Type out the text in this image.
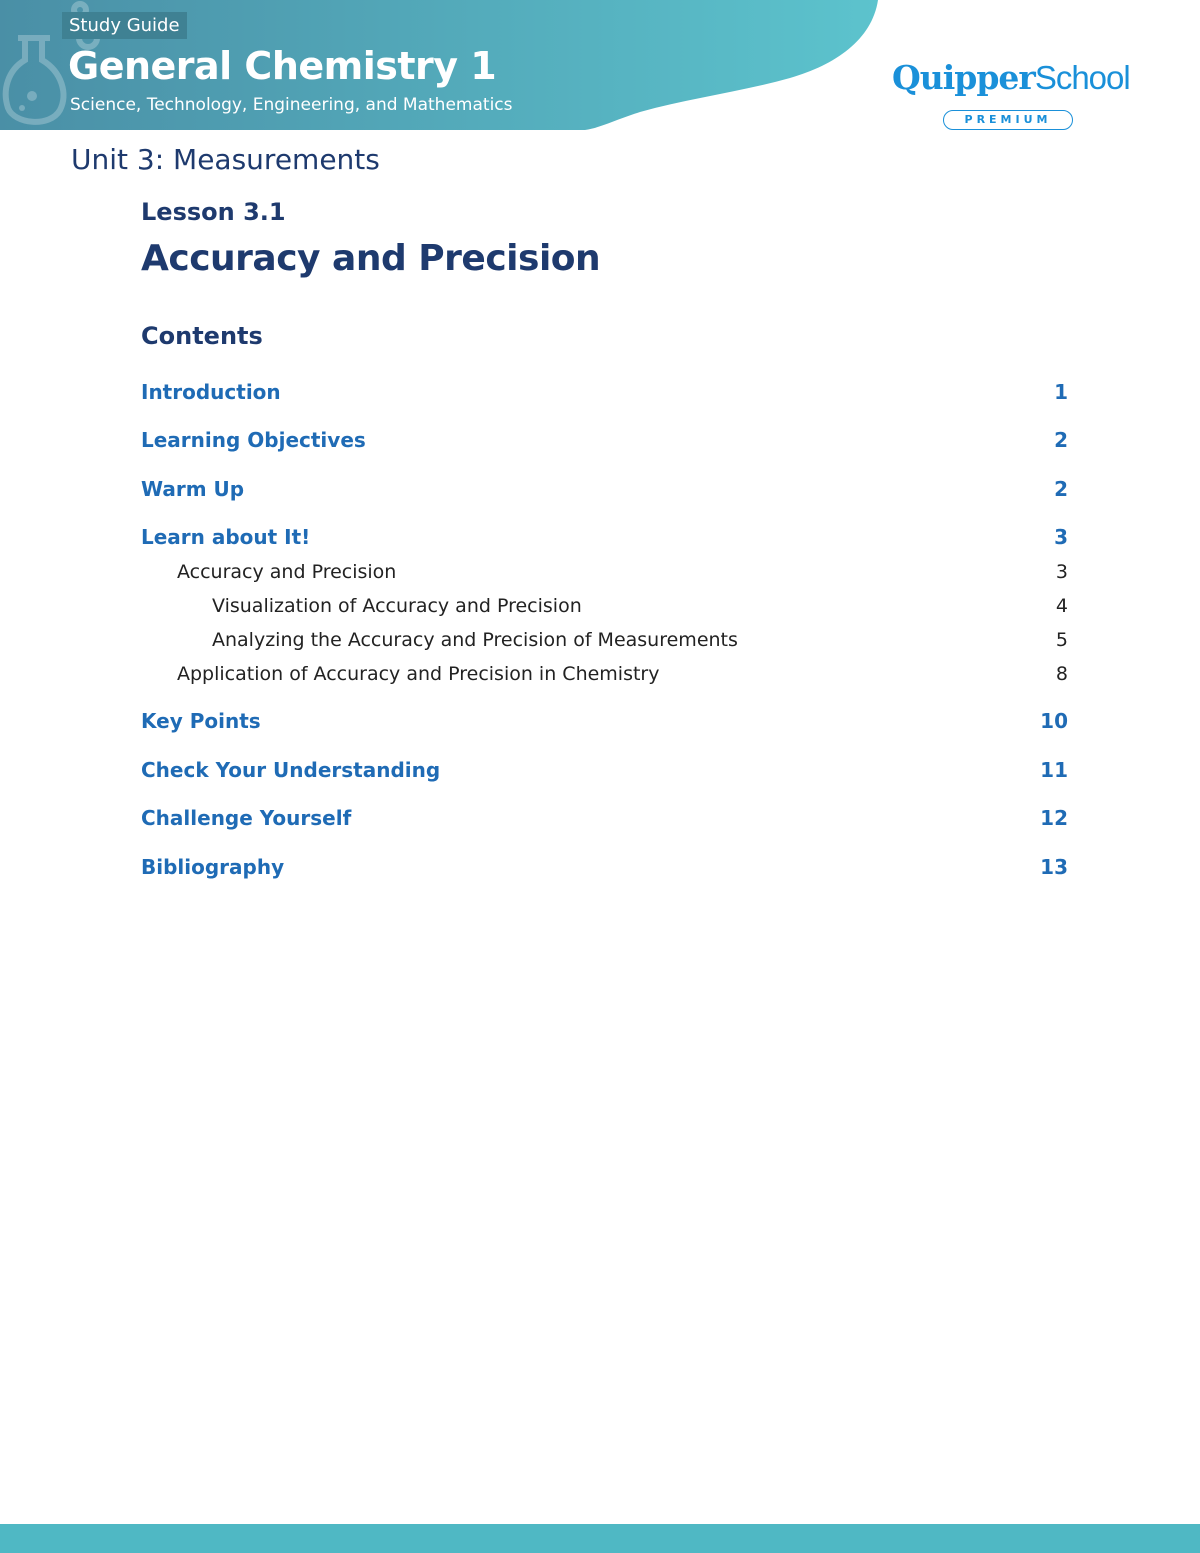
Study Guide
General Chemistry 1
Science, Technology, Engineering, and Mathematics
QuipperSchool
PREMIUM
Unit 3: Measurements
Lesson 3.1
Accuracy and Precision
Contents
Introduction	1
Learning Objectives	2
Warm Up	2
Learn about It!	3
Accuracy and Precision	3
Visualization of Accuracy and Precision	4
Analyzing the Accuracy and Precision of Measurements	5
Application of Accuracy and Precision in Chemistry	8
Key Points	10
Check Your Understanding	11
Challenge Yourself	12
Bibliography	13
